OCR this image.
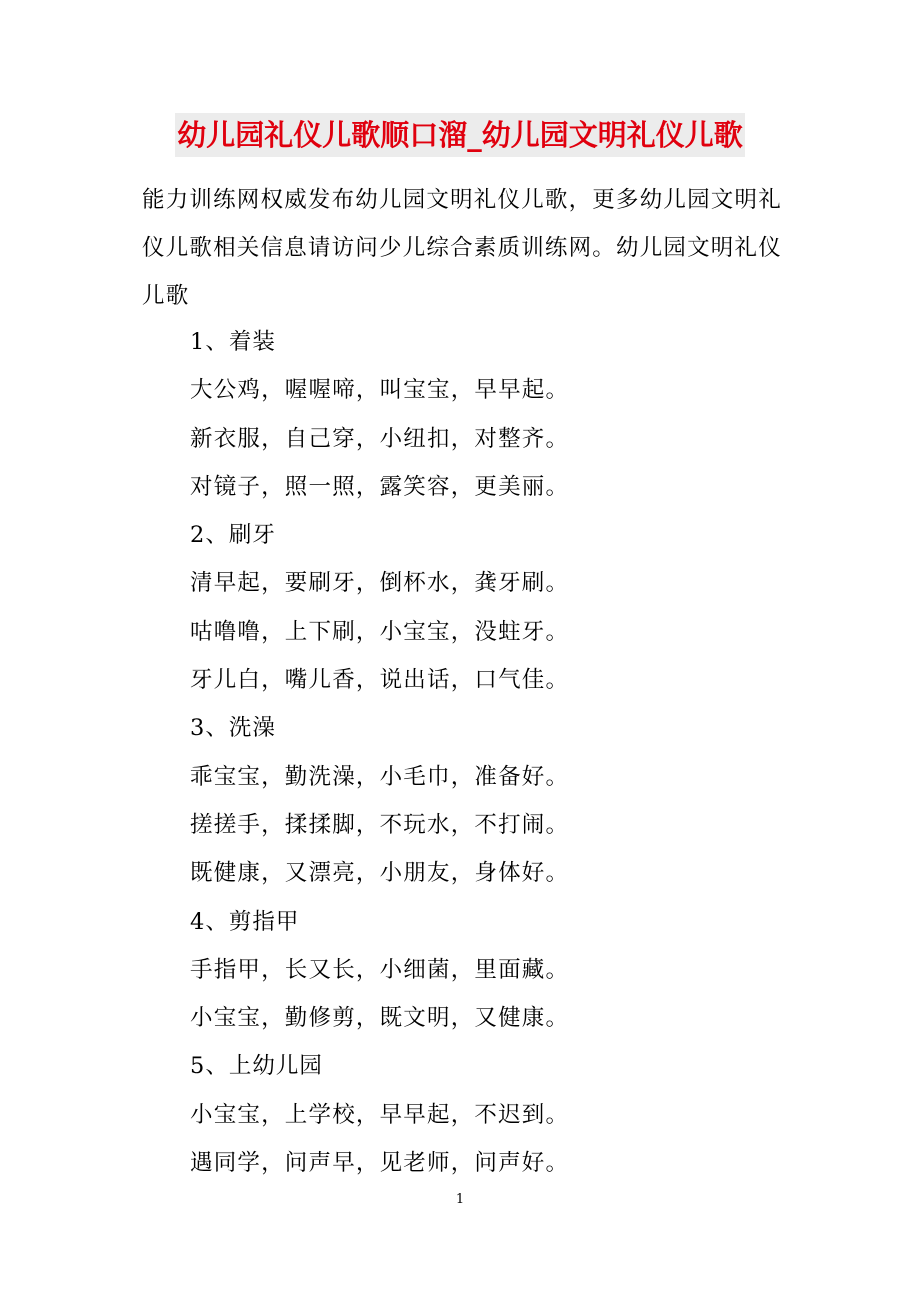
幼儿园礼仪儿歌顺口溜_幼儿园文明礼仪儿歌

能力训练网权威发布幼儿园文明礼仪儿歌，更多幼儿园文明礼仪儿歌相关信息请访问少儿综合素质训练网。幼儿园文明礼仪儿歌

1、着装
大公鸡，喔喔啼，叫宝宝，早早起。
新衣服，自己穿，小纽扣，对整齐。
对镜子，照一照，露笑容，更美丽。
2、刷牙
清早起，要刷牙，倒杯水，龚牙刷。
咕噜噜，上下刷，小宝宝，没蛀牙。
牙儿白，嘴儿香，说出话，口气佳。
3、洗澡
乖宝宝，勤洗澡，小毛巾，准备好。
搓搓手，揉揉脚，不玩水，不打闹。
既健康，又漂亮，小朋友，身体好。
4、剪指甲
手指甲，长又长，小细菌，里面藏。
小宝宝，勤修剪，既文明，又健康。
5、上幼儿园
小宝宝，上学校，早早起，不迟到。
遇同学，问声早，见老师，问声好。
1
